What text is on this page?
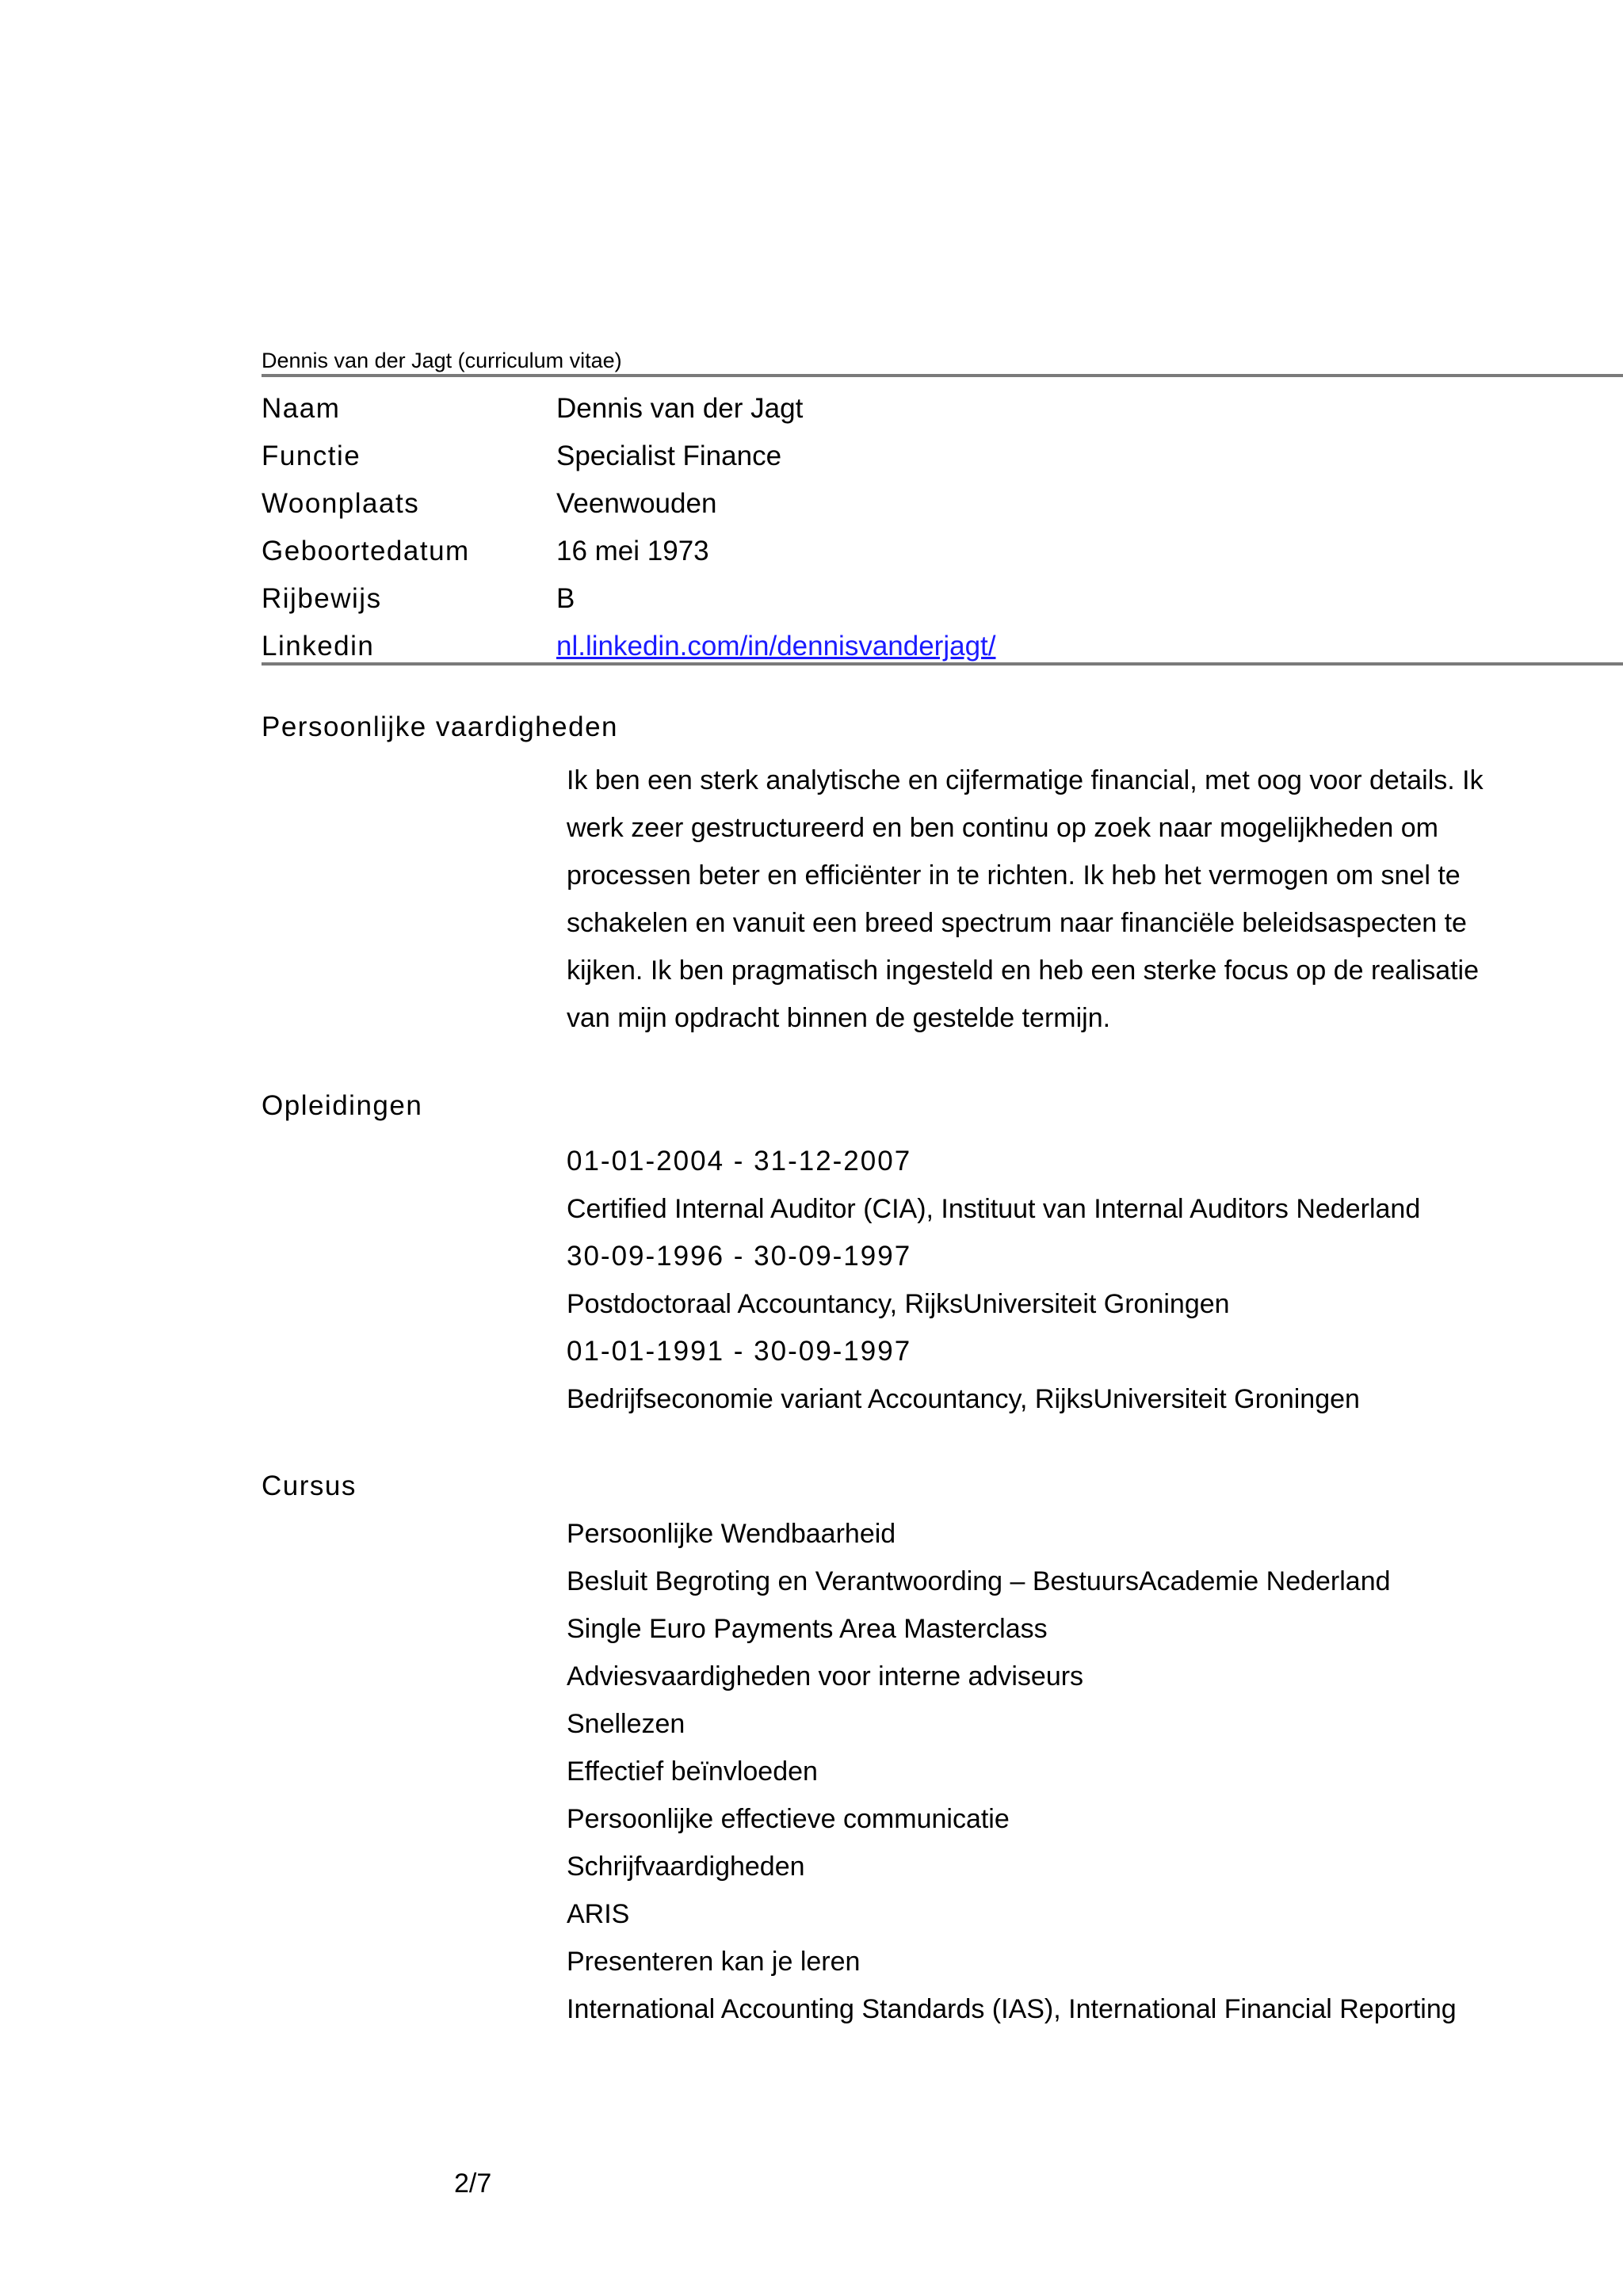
Dennis van der Jagt (curriculum vitae)
Naam	Dennis van der Jagt
Functie	Specialist Finance
Woonplaats	Veenwouden
Geboortedatum	16 mei 1973
Rijbewijs	B
Linkedin	nl.linkedin.com/in/dennisvanderjagt/
Persoonlijke vaardigheden
Ik ben een sterk analytische en cijfermatige financial, met oog voor details. Ik
werk zeer gestructureerd en ben continu op zoek naar mogelijkheden om
processen beter en efficiënter in te richten. Ik heb het vermogen om snel te
schakelen en vanuit een breed spectrum naar financiële beleidsaspecten te
kijken. Ik ben pragmatisch ingesteld en heb een sterke focus op de realisatie
van mijn opdracht binnen de gestelde termijn.
Opleidingen
01-01-2004 - 31-12-2007
Certified Internal Auditor (CIA), Instituut van Internal Auditors Nederland
30-09-1996 - 30-09-1997
Postdoctoraal Accountancy, RijksUniversiteit Groningen
01-01-1991 - 30-09-1997
Bedrijfseconomie variant Accountancy, RijksUniversiteit Groningen
Cursus
Persoonlijke Wendbaarheid
Besluit Begroting en Verantwoording – BestuursAcademie Nederland
Single Euro Payments Area Masterclass
Adviesvaardigheden voor interne adviseurs
Snellezen
Effectief beïnvloeden
Persoonlijke effectieve communicatie
Schrijfvaardigheden
ARIS
Presenteren kan je leren
International Accounting Standards (IAS), International Financial Reporting
2/7
